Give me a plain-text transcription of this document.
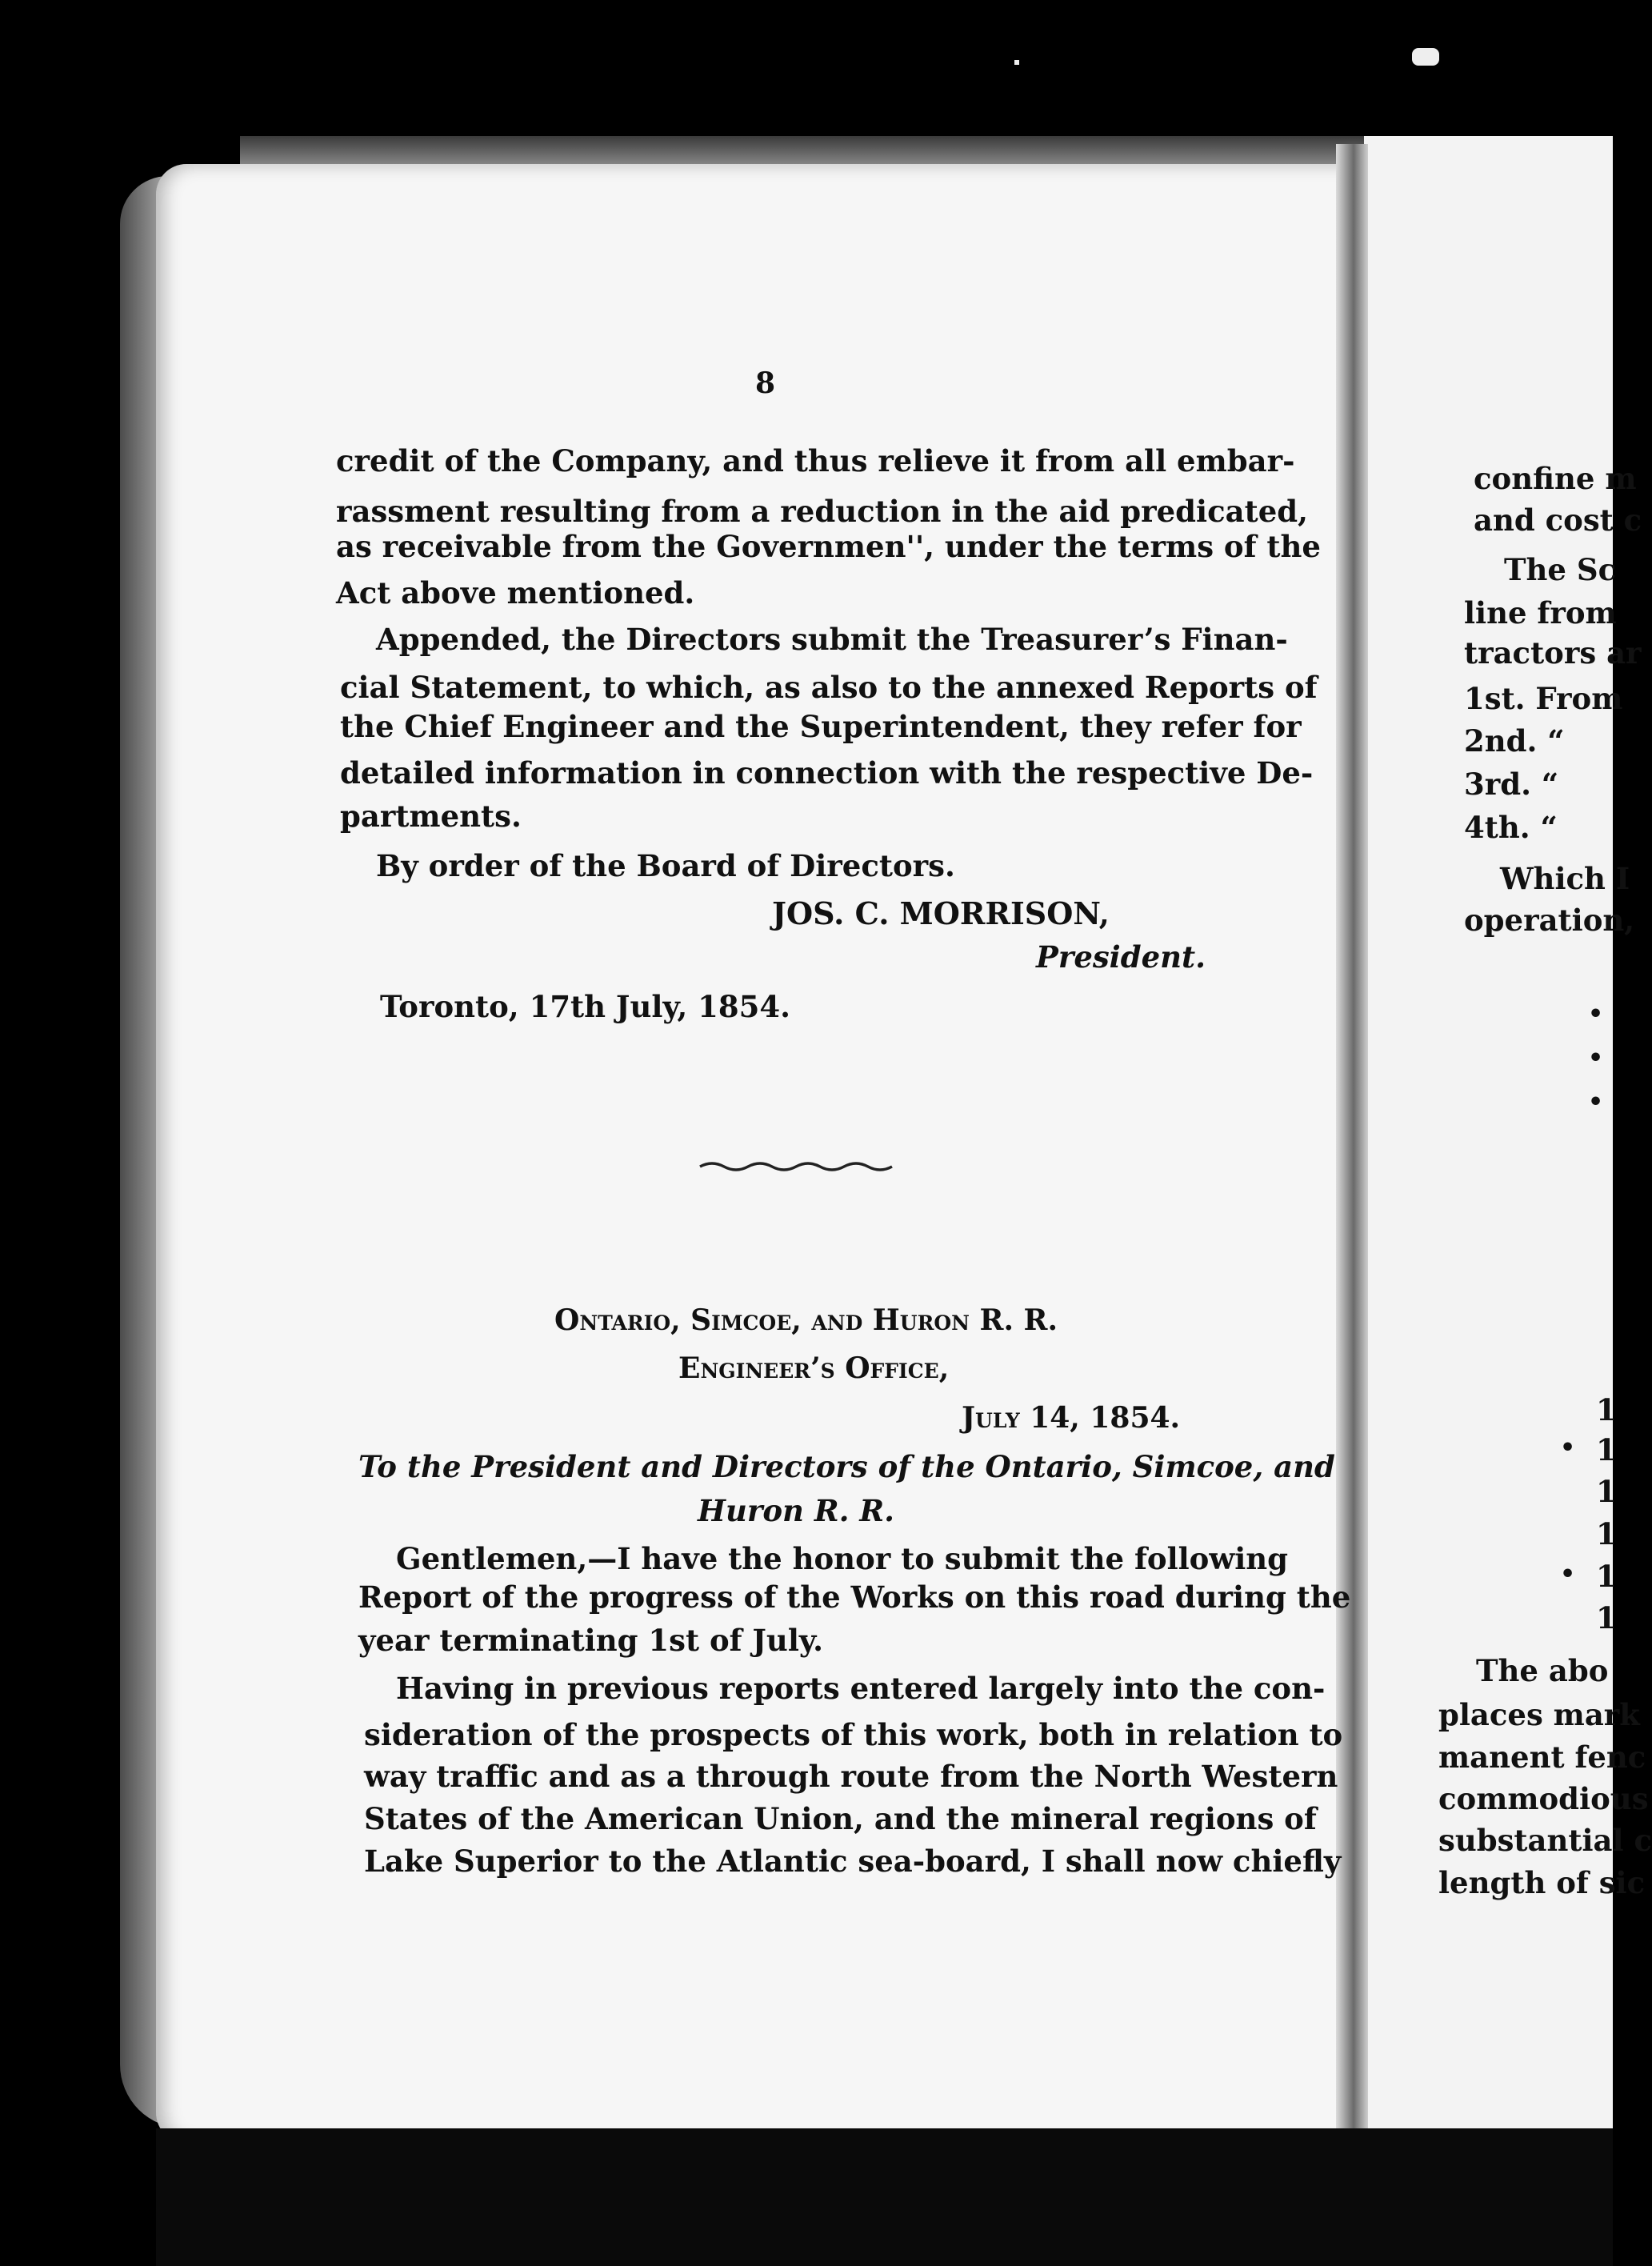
8
credit of the Company, and thus relieve it from all embar-
rassment resulting from a reduction in the aid predicated,
as receivable from the Governmen'', under the terms of the
Act above mentioned.
Appended, the Directors submit the Treasurer’s Finan-
cial Statement, to which, as also to the annexed Reports of
the Chief Engineer and the Superintendent, they refer for
detailed information in connection with the respective De-
partments.
By order of the Board of Directors.
JOS. C. MORRISON,
President.
Toronto, 17th July, 1854.
Ontario, Simcoe, and Huron R. R.
Engineer’s Office,
July 14, 1854.
To the President and Directors of the Ontario, Simcoe, and
Huron R. R.
Gentlemen,—I have the honor to submit the following
Report of the progress of the Works on this road during the
year terminating 1st of July.
Having in previous reports entered largely into the con-
sideration of the prospects of this work, both in relation to
way traffic and as a through route from the North Western
States of the American Union, and the mineral regions of
Lake Superior to the Atlantic sea-board, I shall now chiefly
confine m
and cost c
The Sc
line from
tractors ar
1st. From
2nd. “
3rd. “
4th. “
Which I
operation,
•
•
•
1
• 1
1
1
• 1
1
The abo
places mark
manent fenc
commodious
substantial c
length of sic
